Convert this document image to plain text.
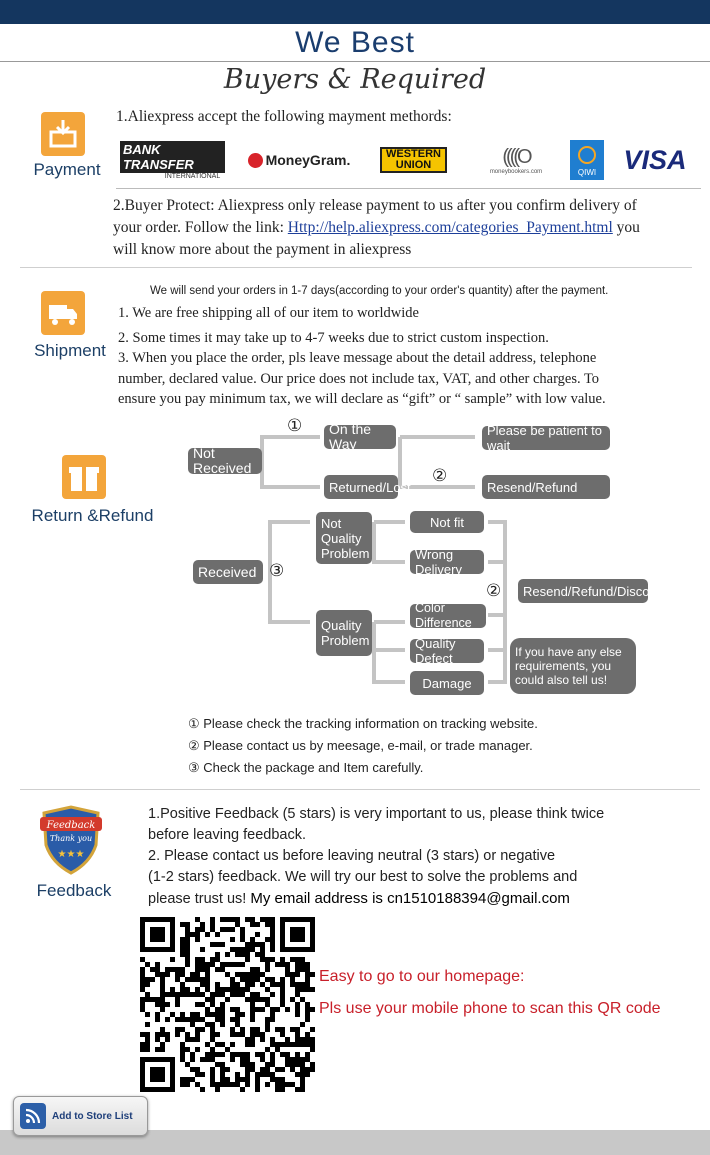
We Best
Buyers & Required
Payment
1.Aliexpress accept the following mayment methords:
BANK TRANSFER
INTERNATIONAL
MoneyGram.	WESTERN
UNION	((((O
moneybookers.com	QIWI VISA
2.Buyer Protect: Aliexpress only release payment to us after you confirm delivery of
your order. Follow the link: Http://help.aliexpress.com/categories_Payment.html you
will know more about the payment in aliexpress
Shipment
We will send your orders in 1-7 days(according to your order's quantity) after the payment.
1. We are free shipping all of our item to worldwide
2. Some times it may take up to 4-7 weeks due to strict custom inspection.
3. When you place the order, pls leave message about the detail address, telephone
number, declared value. Our price does not include tax, VAT, and other charges. To
ensure you pay minimum tax, we will declare as “gift” or “ sample” with low value.
Return &Refund
Not Received
On the Way
Please be patient to wait
Returned/Lost	Resend/Refund
Received
Not Quality Problem
Not fit
Wrong Delivery
Quality Problem
Color Difference
Quality Defect
Damage
Resend/Refund/Discount
If you have any else requirements, you could also tell us!
①
②
③
②
① Please check the tracking information on tracking website.
② Please contact us by meesage, e-mail, or trade manager.
③ Check the package and Item carefully.
Thank you
Feedback
★★★
Feedback
1.Positive Feedback (5 stars) is very important to us, please think twice
before leaving feedback.
2. Please contact us before leaving neutral (3 stars) or negative
(1-2 stars) feedback. We will try our best to solve the problems and
please trust us! My email address is cn1510188394@gmail.com
Easy to go to our homepage:
Pls use your mobile phone to scan this QR code
Add to Store List
